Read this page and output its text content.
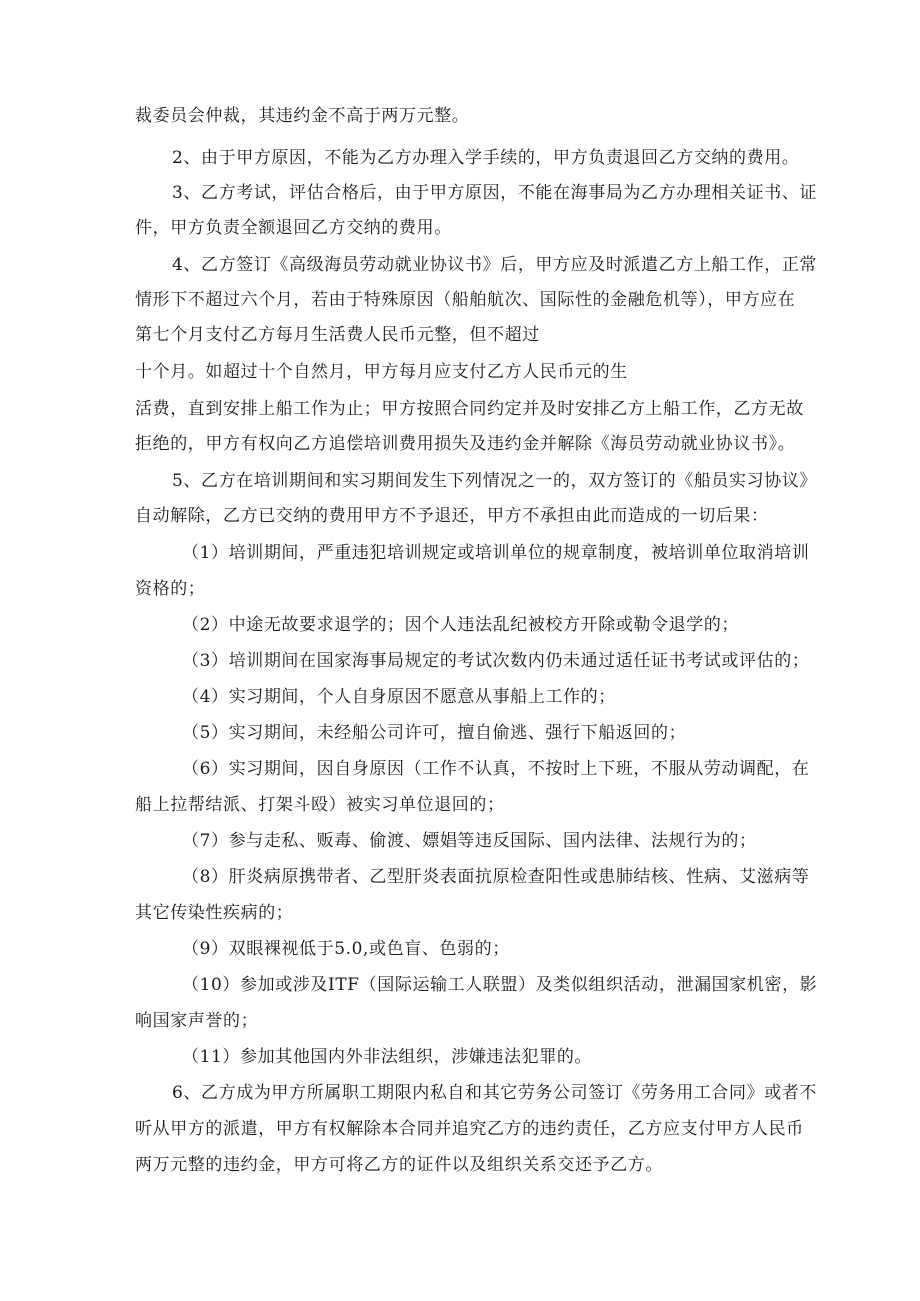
裁委员会仲裁，其违约金不高于两万元整。
2、由于甲方原因，不能为乙方办理入学手续的，甲方负责退回乙方交纳的费用。
3、乙方考试，评估合格后，由于甲方原因，不能在海事局为乙方办理相关证书、证
件，甲方负责全额退回乙方交纳的费用。
4、乙方签订《高级海员劳动就业协议书》后，甲方应及时派遣乙方上船工作，正常
情形下不超过六个月，若由于特殊原因（船舶航次、国际性的金融危机等），甲方应在
第七个月支付乙方每月生活费人民币元整，但不超过
十个月。如超过十个自然月，甲方每月应支付乙方人民币元的生
活费，直到安排上船工作为止；甲方按照合同约定并及时安排乙方上船工作，乙方无故
拒绝的，甲方有权向乙方追偿培训费用损失及违约金并解除《海员劳动就业协议书》。
5、乙方在培训期间和实习期间发生下列情况之一的，双方签订的《船员实习协议》
自动解除，乙方已交纳的费用甲方不予退还，甲方不承担由此而造成的一切后果：
（1）培训期间，严重违犯培训规定或培训单位的规章制度，被培训单位取消培训
资格的；
（2）中途无故要求退学的；因个人违法乱纪被校方开除或勒令退学的；
（3）培训期间在国家海事局规定的考试次数内仍未通过适任证书考试或评估的；
（4）实习期间，个人自身原因不愿意从事船上工作的；
（5）实习期间，未经船公司许可，擅自偷逃、强行下船返回的；
（6）实习期间，因自身原因（工作不认真，不按时上下班，不服从劳动调配，在
船上拉帮结派、打架斗殴）被实习单位退回的；
（7）参与走私、贩毒、偷渡、嫖娼等违反国际、国内法律、法规行为的；
（8）肝炎病原携带者、乙型肝炎表面抗原检查阳性或患肺结核、性病、艾滋病等
其它传染性疾病的；
（9）双眼裸视低于5.0,或色盲、色弱的；
（10）参加或涉及ITF（国际运输工人联盟）及类似组织活动，泄漏国家机密，影
响国家声誉的；
（11）参加其他国内外非法组织，涉嫌违法犯罪的。
6、乙方成为甲方所属职工期限内私自和其它劳务公司签订《劳务用工合同》或者不
听从甲方的派遣，甲方有权解除本合同并追究乙方的违约责任，乙方应支付甲方人民币
两万元整的违约金，甲方可将乙方的证件以及组织关系交还予乙方。
